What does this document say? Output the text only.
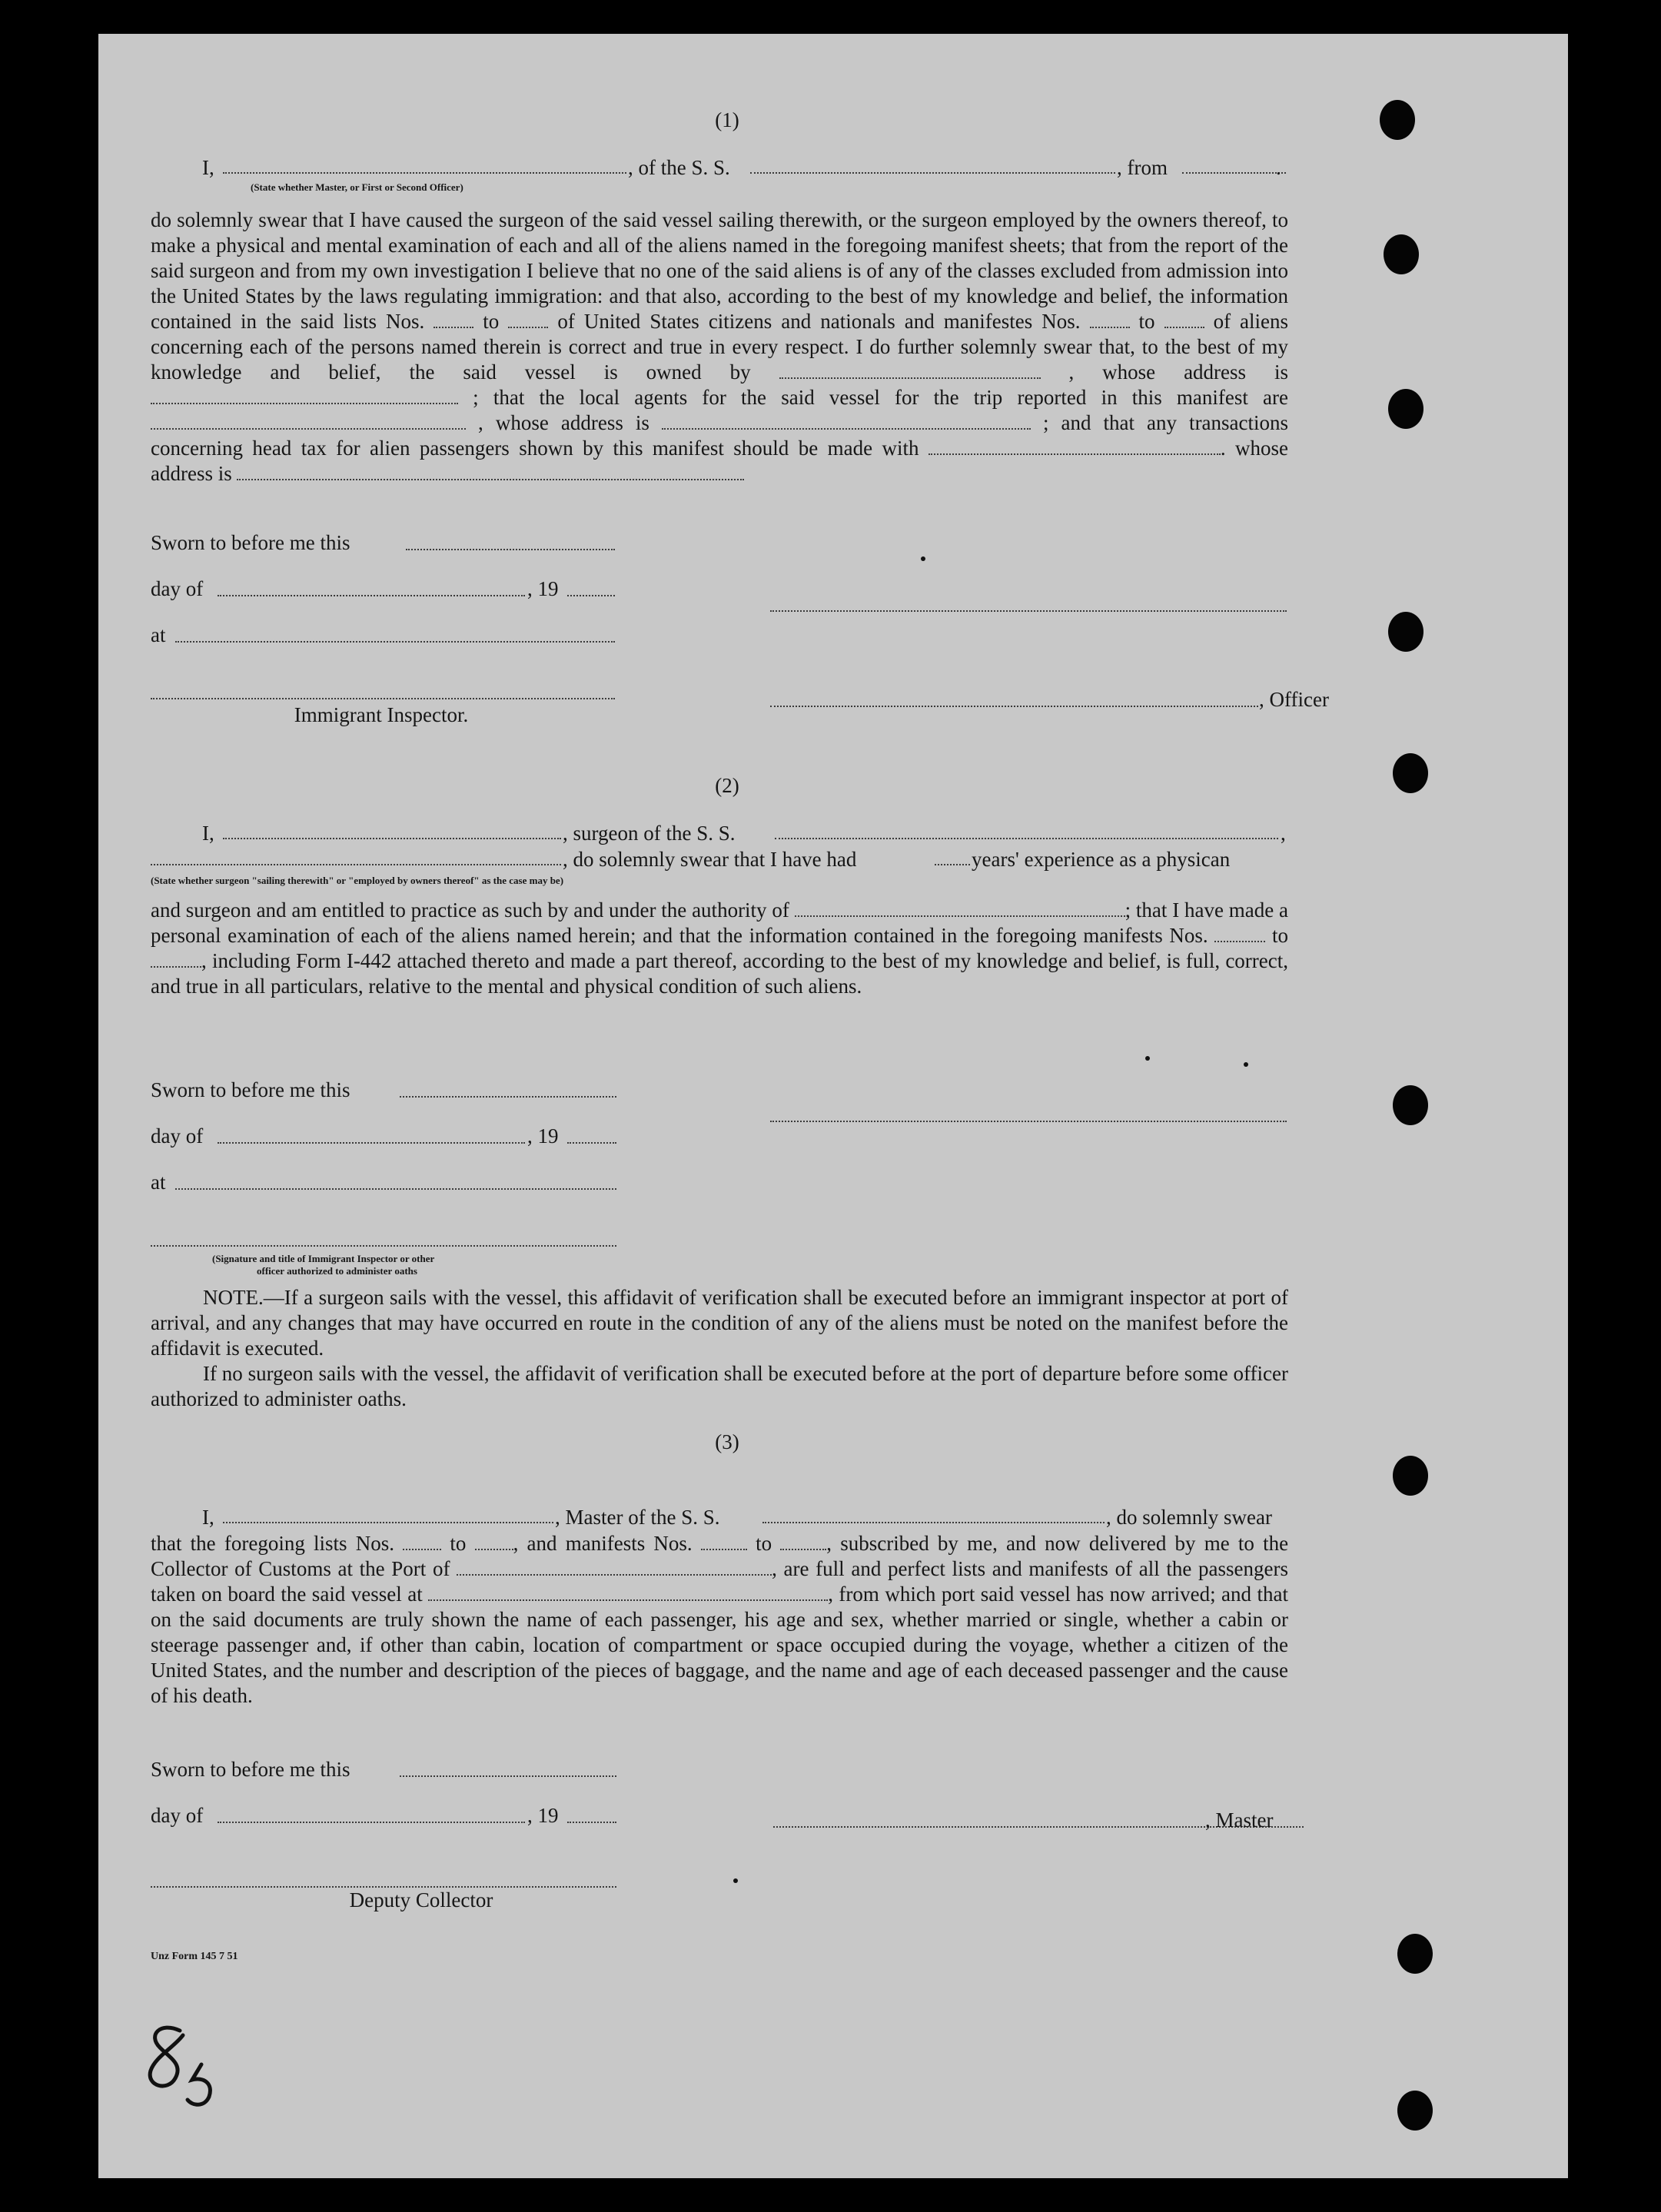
(1)
I,	, of the S. S.	, from	.
(State whether Master, or First or Second Officer)

do solemnly swear that I have caused the surgeon of the said vessel sailing therewith, or the surgeon employed by the owners thereof, to make a physical and mental examination of each and all of the aliens named in the foregoing manifest sheets; that from the report of the said surgeon and from my own investigation I believe that no one of the said aliens is of any of the classes excluded from admission into the United States by the laws regulating immigration: and that also, according to the best of my knowledge and belief, the information contained in the said lists Nos.	to	of United States citizens and nationals and manifestes Nos.	to	of aliens concerning each of the persons named therein is correct and true in every respect. I do further solemnly swear that, to the best of my knowledge and belief, the said vessel is owned by	, whose address is  ; that the local agents for the said vessel for the trip reported in this manifest are  , whose address is	; and that any transactions concerning head tax for alien passengers shown by this manifest should be made with	. whose address is

Sworn to before me this
day of	, 19
at
, Officer
Immigrant Inspector.
(2)
I,	, surgeon of the S. S.	,
, do solemnly swear that I have had	years' experience as a physican
(State whether surgeon "sailing therewith" or "employed by owners thereof" as the case may be)

and surgeon and am entitled to practice as such by and under the authority of	; that I have made a personal examination of each of the aliens named herein; and that the information contained in the foregoing manifests Nos.	to , including Form I-442 attached thereto and made a part thereof, according to the best of my knowledge and belief, is full, correct, and true in all particulars, relative to the mental and physical condition of such aliens.

Sworn to before me this
day of	, 19
at
(Signature and title of Immigrant Inspector or other
officer authorized to administer oaths

NOTE.—If a surgeon sails with the vessel, this affidavit of verification shall be executed before an immigrant inspector at port of arrival, and any changes that may have occurred en route in the condition of any of the aliens must be noted on the manifest before the affidavit is executed.

If no surgeon sails with the vessel, the affidavit of verification shall be executed before at the port of departure before some officer authorized to administer oaths.

(3)
I,	, Master of the S. S.	, do solemnly swear

that the foregoing lists Nos.	to , and manifests Nos.	to	, subscribed by me, and now delivered by me to the Collector of Customs at the Port of	, are full and perfect lists and manifests of all the passengers taken on board the said vessel at	, from which port said vessel has now arrived; and that on the said documents are truly shown the name of each passenger, his age and sex, whether married or single, whether a cabin or steerage passenger and, if other than cabin, location of compartment or space occupied during the voyage, whether a citizen of the United States, and the number and description of the pieces of baggage, and the name and age of each deceased passenger and the cause of his death.

Sworn to before me this
day of	, 19	, Master
Deputy Collector
Unz Form 145 7 51
